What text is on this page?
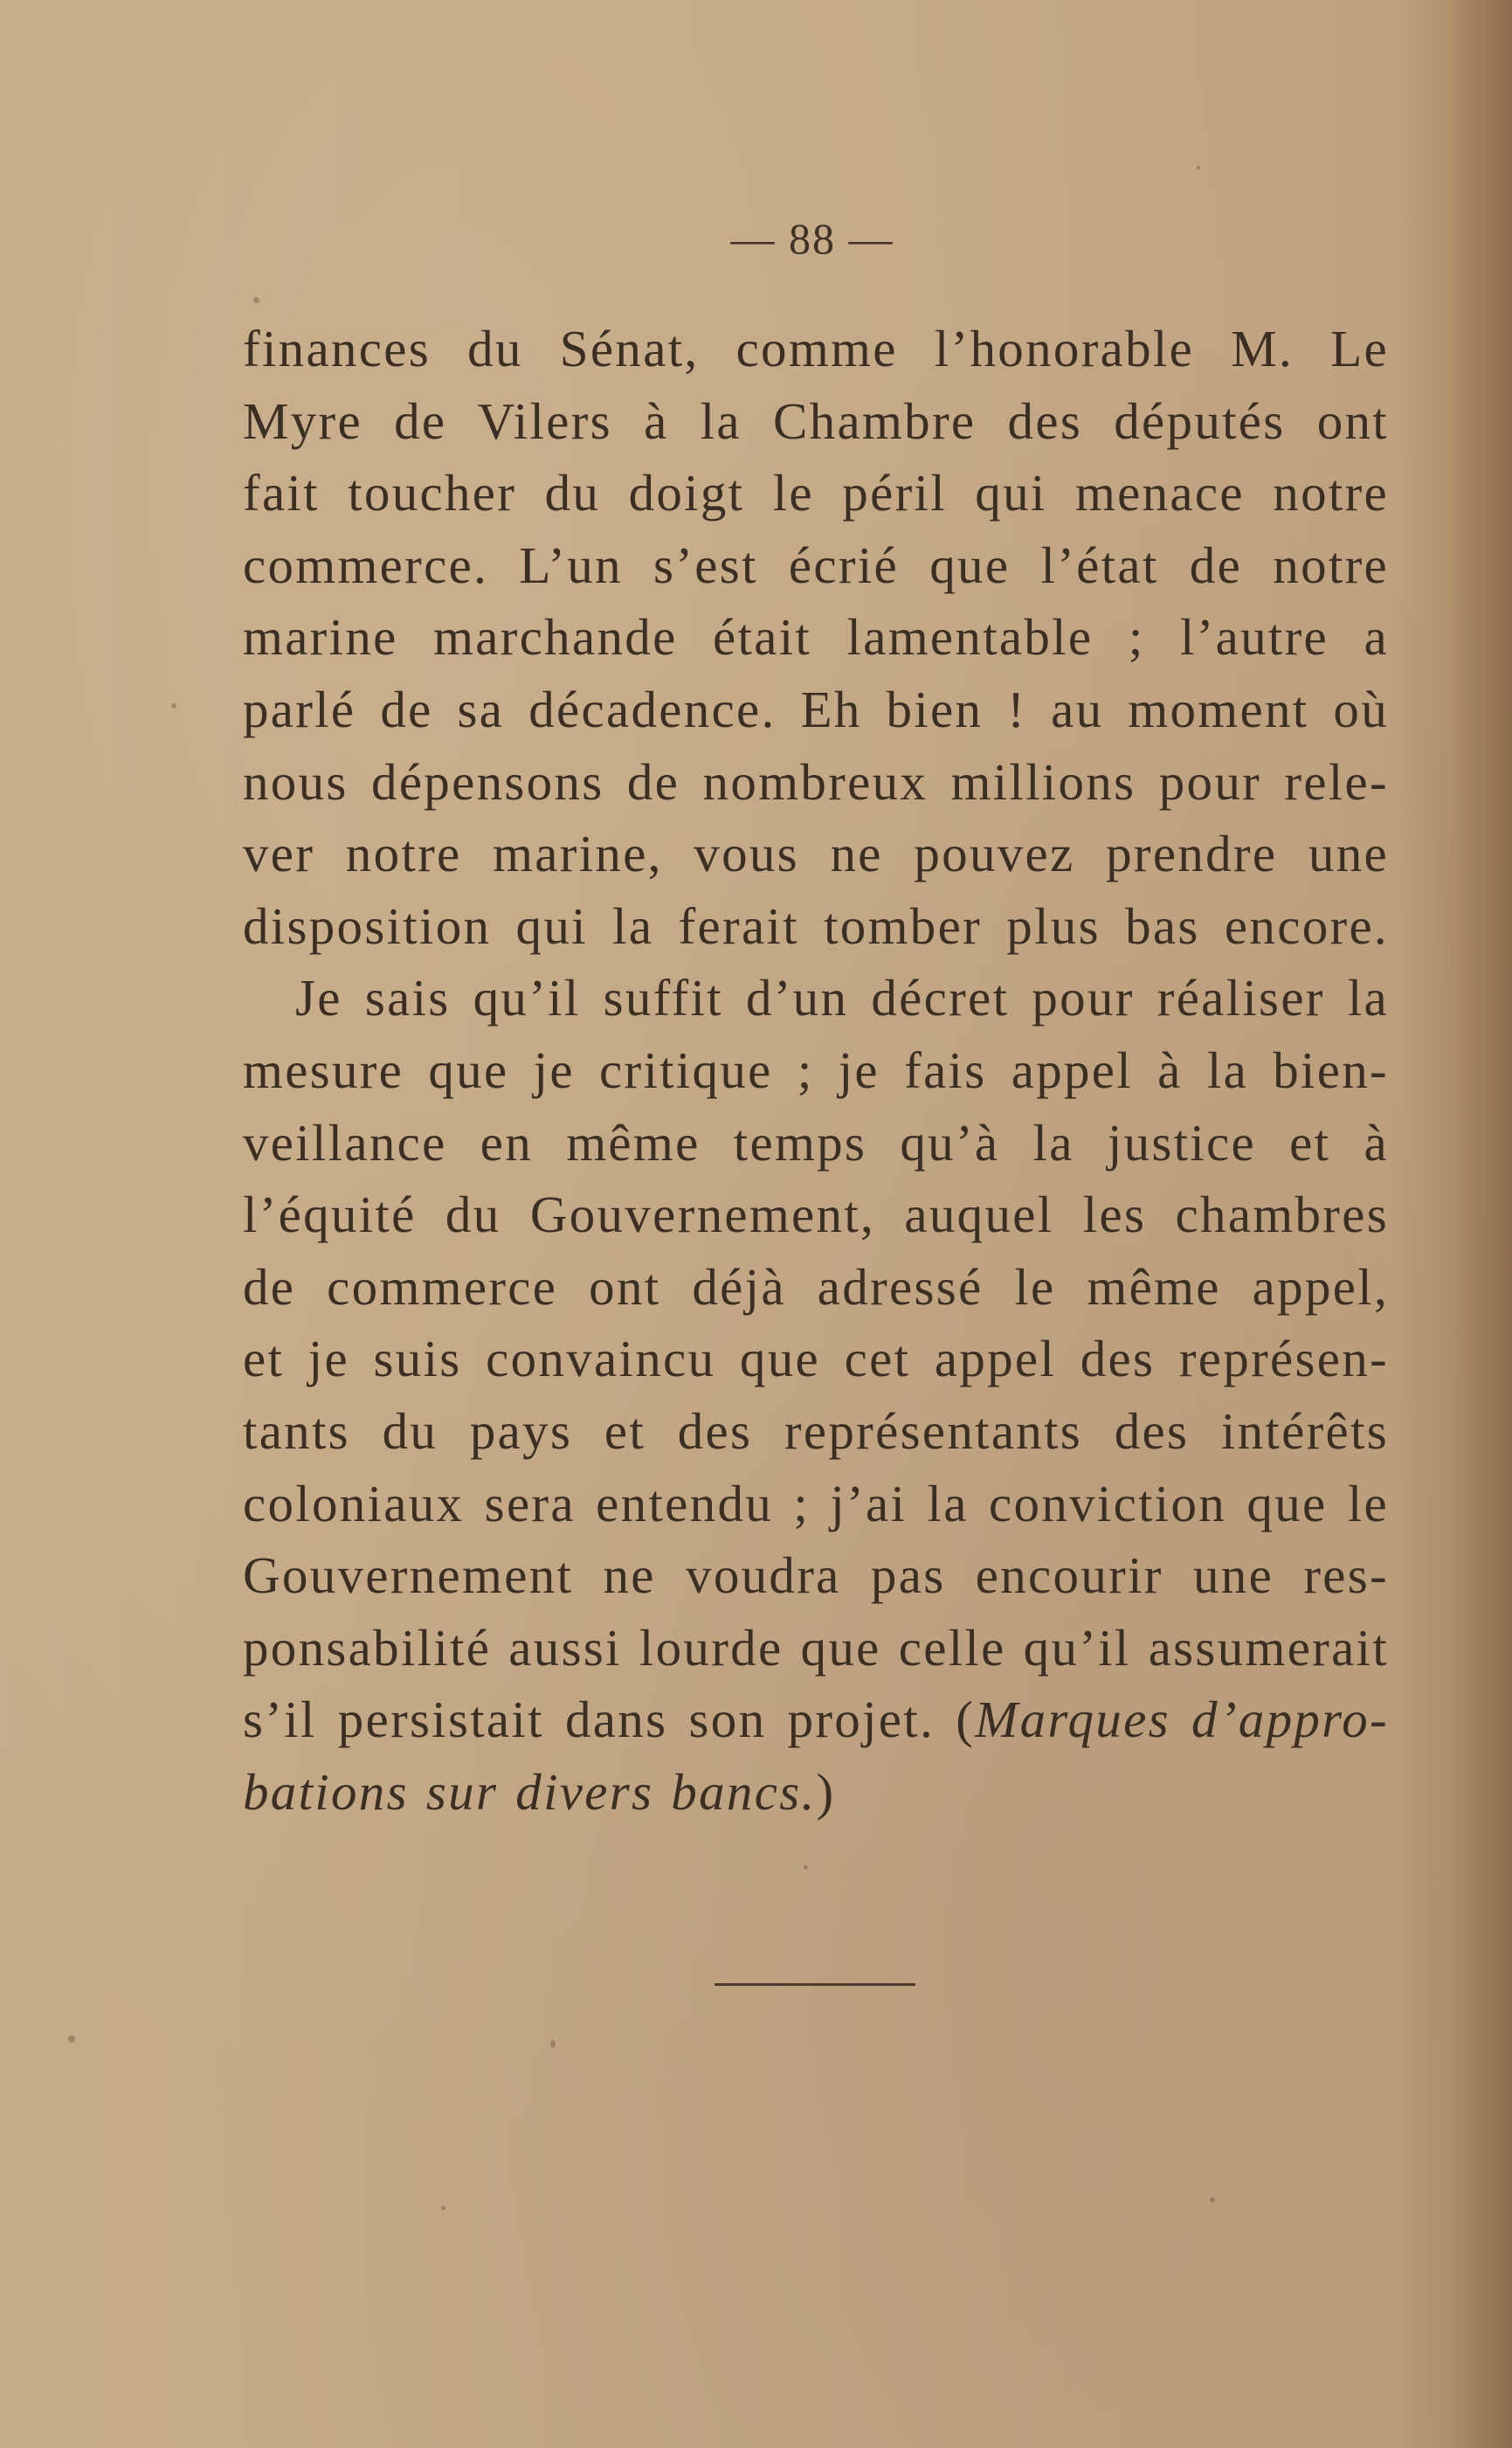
— 88 —
finances du Sénat, comme l’honorable M. Le
Myre de Vilers à la Chambre des députés ont
fait toucher du doigt le péril qui menace notre
commerce. L’un s’est écrié que l’état de notre
marine marchande était lamentable ; l’autre a
parlé de sa décadence. Eh bien ! au moment où
nous dépensons de nombreux millions pour rele-
ver notre marine, vous ne pouvez prendre une
disposition qui la ferait tomber plus bas encore.
Je sais qu’il suffit d’un décret pour réaliser la
mesure que je critique ; je fais appel à la bien-
veillance en même temps qu’à la justice et à
l’équité du Gouvernement, auquel les chambres
de commerce ont déjà adressé le même appel,
et je suis convaincu que cet appel des représen-
tants du pays et des représentants des intérêts
coloniaux sera entendu ; j’ai la conviction que le
Gouvernement ne voudra pas encourir une res-
ponsabilité aussi lourde que celle qu’il assumerait
s’il persistait dans son projet. (Marques d’appro-
bations sur divers bancs.)
